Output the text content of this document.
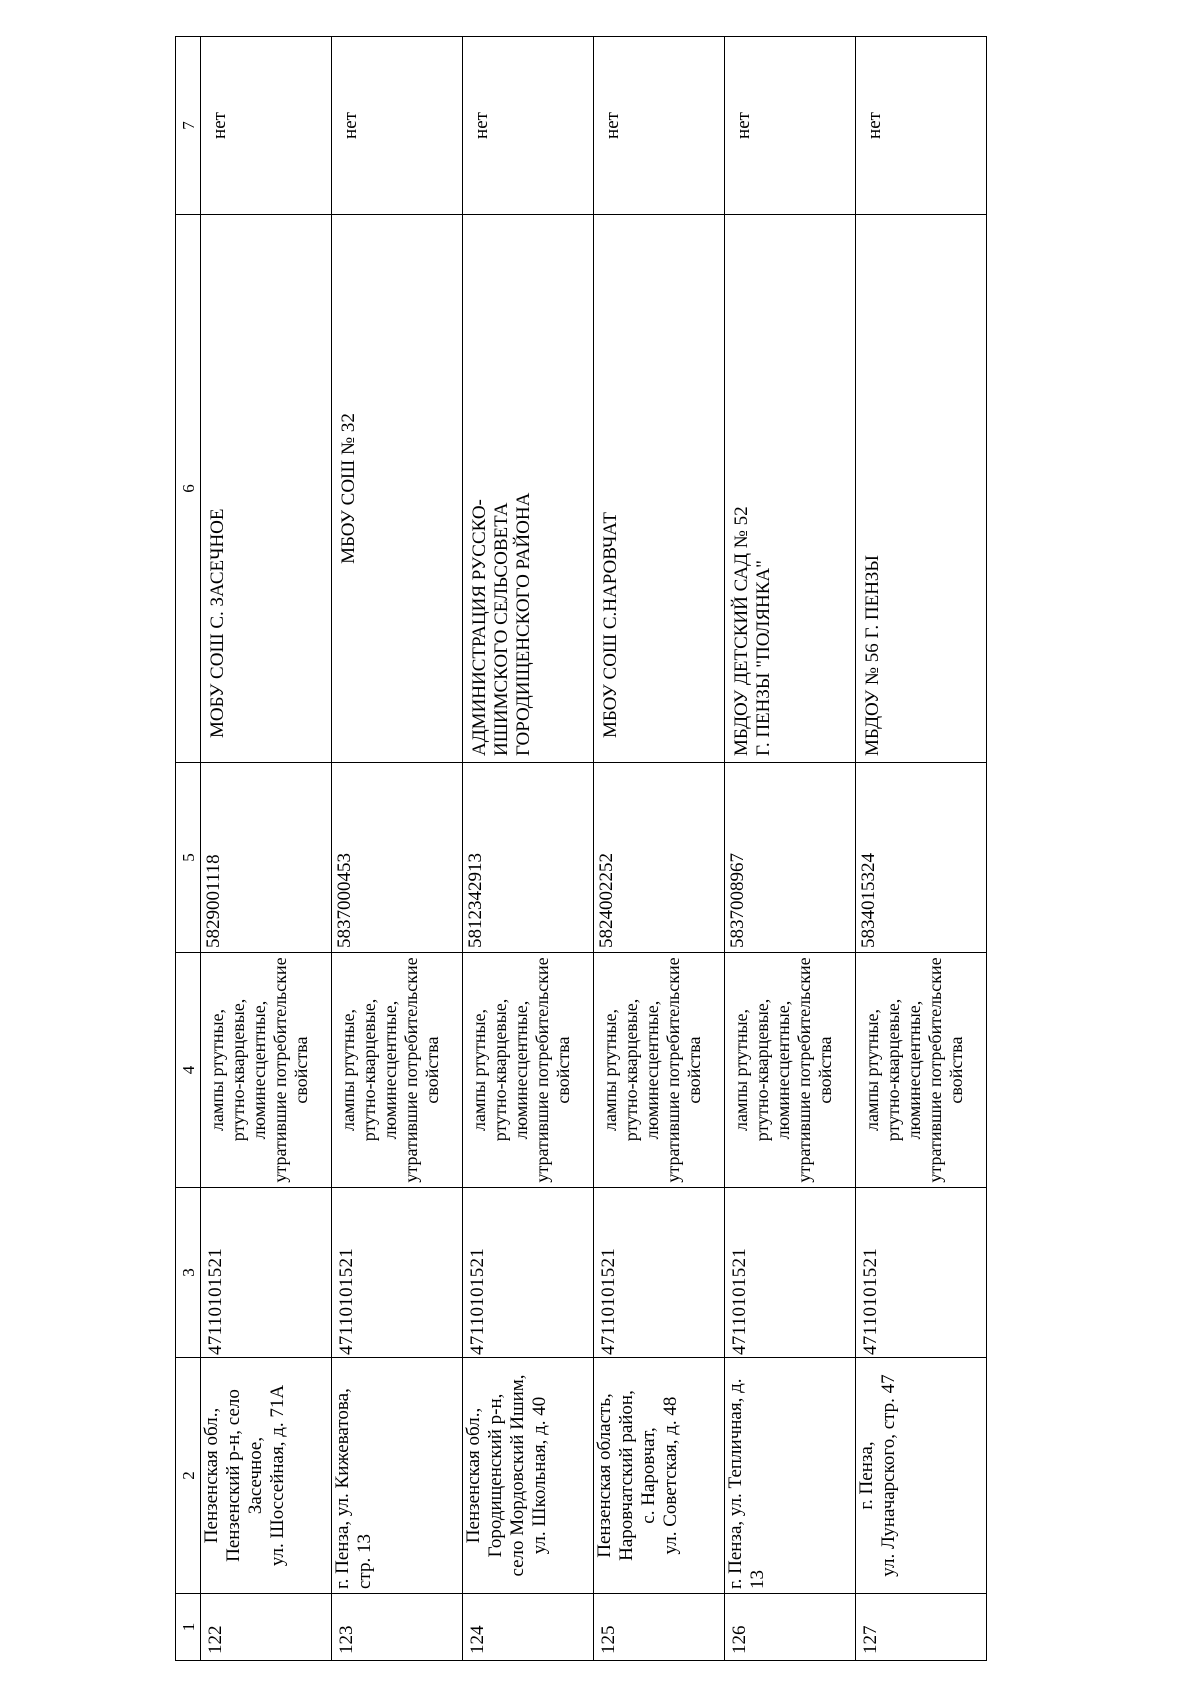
1	2	3	4	5	6	7
122	Пензенская обл.,
Пензенский р-н, село Засечное,
ул. Шоссейная, д. 71А	47110101521	лампы ртутные,
ртутно-кварцевые,
люминесцентные,
утратившие потребительские
свойства	5829001118	МОБУ СОШ С. ЗАСЕЧНОЕ	нет
123	г. Пенза, ул. Кижеватова, стр. 13	47110101521	лампы ртутные,
ртутно-кварцевые,
люминесцентные,
утратившие потребительские
свойства	5837000453	МБОУ СОШ № 32	нет
124	Пензенская обл.,
Городищенский р-н,
село Мордовский Ишим,
ул. Школьная, д. 40	47110101521	лампы ртутные,
ртутно-кварцевые,
люминесцентные,
утратившие потребительские
свойства	5812342913	АДМИНИСТРАЦИЯ РУССКО-
ИШИМСКОГО СЕЛЬСОВЕТА
ГОРОДИЩЕНСКОГО РАЙОНА	нет
125	Пензенская область,
Наровчатский район,
с. Наровчат,
ул. Советская, д. 48	47110101521	лампы ртутные,
ртутно-кварцевые,
люминесцентные,
утратившие потребительские
свойства	5824002252	МБОУ СОШ С.НАРОВЧАТ	нет
126	г. Пенза, ул. Тепличная, д. 13	47110101521	лампы ртутные,
ртутно-кварцевые,
люминесцентные,
утратившие потребительские
свойства	5837008967	МБДОУ ДЕТСКИЙ САД № 52
Г. ПЕНЗЫ "ПОЛЯНКА"	нет
127	г. Пенза,
ул. Луначарского, стр. 47	47110101521	лампы ртутные,
ртутно-кварцевые,
люминесцентные,
утратившие потребительские
свойства	5834015324	МБДОУ № 56 Г. ПЕНЗЫ	нет
